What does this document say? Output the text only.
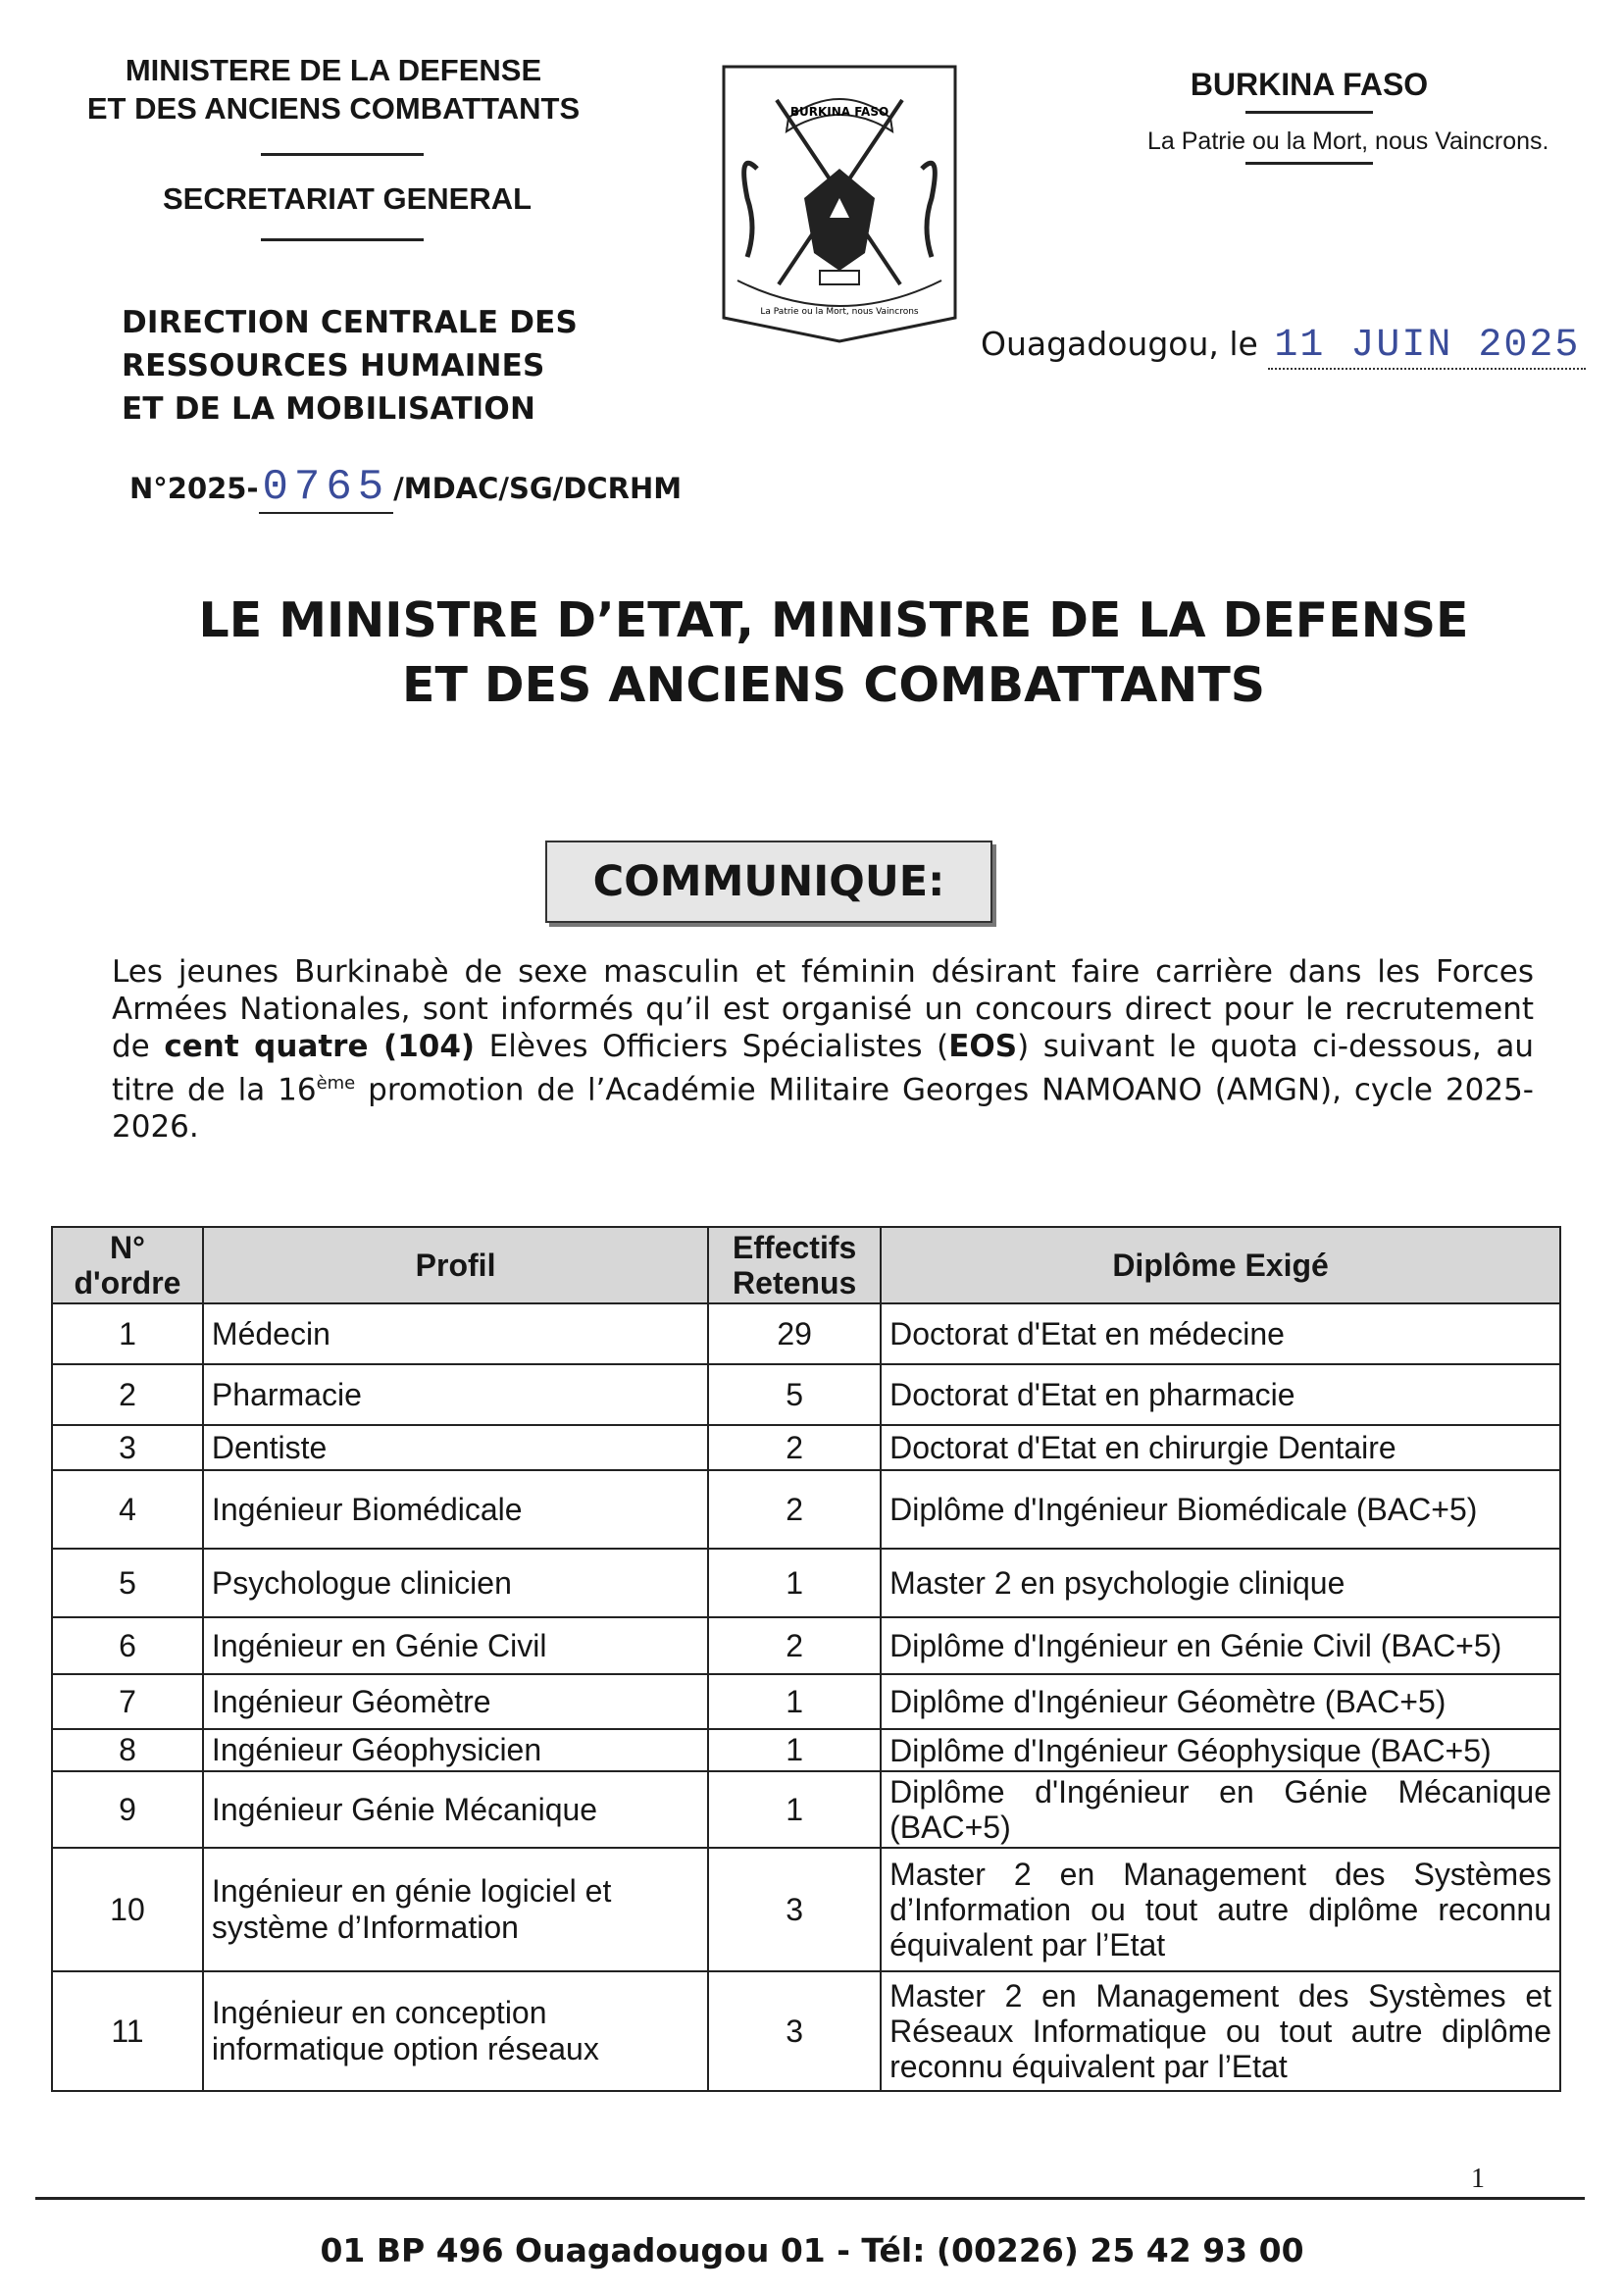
MINISTERE DE LA DEFENSE
ET DES ANCIENS COMBATTANTS
SECRETARIAT GENERAL
DIRECTION CENTRALE DES
RESSOURCES HUMAINES
ET DE LA MOBILISATION
N°2025-0765 /MDAC/SG/DCRHM
BURKINA FASO
La Patrie ou la Mort, nous Vaincrons
BURKINA FASO
La Patrie ou la Mort, nous Vaincrons.
Ouagadougou, le 11 JUIN 2025
LE MINISTRE D’ETAT, MINISTRE DE LA DEFENSE
ET DES ANCIENS COMBATTANTS
COMMUNIQUE:
Les jeunes Burkinabè de sexe masculin et féminin désirant faire carrière dans les Forces Armées Nationales, sont informés qu’il est organisé un concours direct pour le recrutement de cent quatre (104) Elèves Officiers Spécialistes (EOS) suivant le quota ci-dessous, au titre de la 16ème promotion de l’Académie Militaire Georges NAMOANO (AMGN), cycle 2025-2026.
N° d'ordre	Profil	Effectifs Retenus	Diplôme Exigé
1	Médecin	29	Doctorat d'Etat en médecine
2	Pharmacie	5	Doctorat d'Etat en pharmacie
3	Dentiste	2	Doctorat d'Etat en chirurgie Dentaire
4	Ingénieur Biomédicale	2	Diplôme d'Ingénieur Biomédicale (BAC+5)
5	Psychologue clinicien	1	Master 2 en psychologie clinique
6	Ingénieur en Génie Civil	2	Diplôme d'Ingénieur en Génie Civil (BAC+5)
7	Ingénieur Géomètre	1	Diplôme d'Ingénieur Géomètre (BAC+5)
8	Ingénieur Géophysicien	1	Diplôme d'Ingénieur Géophysique (BAC+5)
9	Ingénieur Génie Mécanique	1	Diplôme d'Ingénieur en Génie Mécanique (BAC+5)
10	Ingénieur en génie logiciel et système d’Information	3	Master 2 en Management des Systèmes d’Information ou tout autre diplôme reconnu équivalent par l’Etat
11	Ingénieur en conception informatique option réseaux	3	Master 2 en Management des Systèmes et Réseaux Informatique ou tout autre diplôme reconnu équivalent par l’Etat
1
01 BP 496 Ouagadougou 01 - Tél: (00226) 25 42 93 00
